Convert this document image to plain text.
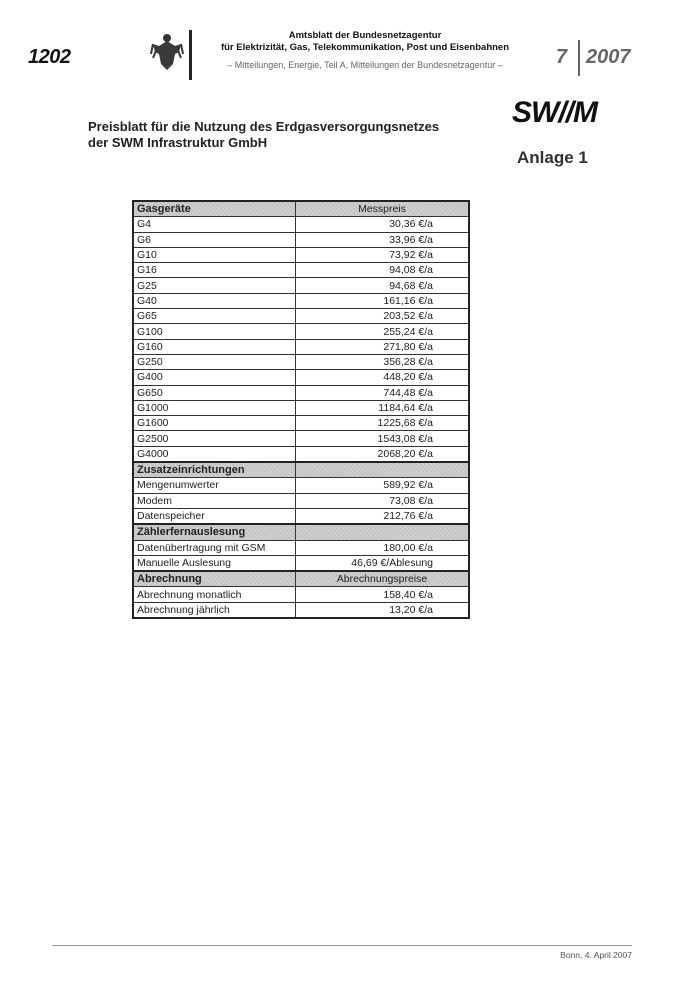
1202
Amtsblatt der Bundesnetzagentur
für Elektrizität, Gas, Telekommunikation, Post und Eisenbahnen
– Mitteilungen, Energie, Teil A, Mitteilungen der Bundesnetzagentur –	7 2007
Preisblatt für die Nutzung des Erdgasversorgungsnetzes
der SWM Infrastruktur GmbH
SW//M
Anlage 1
Gasgeräte	Messpreis
G4	30,36 €/a
G6	33,96 €/a
G10	73,92 €/a
G16	94,08 €/a
G25	94,68 €/a
G40	161,16 €/a
G65	203,52 €/a
G100	255,24 €/a
G160	271,80 €/a
G250	356,28 €/a
G400	448,20 €/a
G650	744,48 €/a
G1000	1184,64 €/a
G1600	1225,68 €/a
G2500	1543,08 €/a
G4000	2068,20 €/a
Zusatzeinrichtungen	
Mengenumwerter	589,92 €/a
Modem	73,08 €/a
Datenspeicher	212,76 €/a
Zählerfernauslesung	
Datenübertragung mit GSM	180,00 €/a
Manuelle Auslesung	46,69 €/Ablesung
Abrechnung	Abrechnungspreise
Abrechnung monatlich	158,40 €/a
Abrechnung jährlich	13,20 €/a
Bonn, 4. April 2007
